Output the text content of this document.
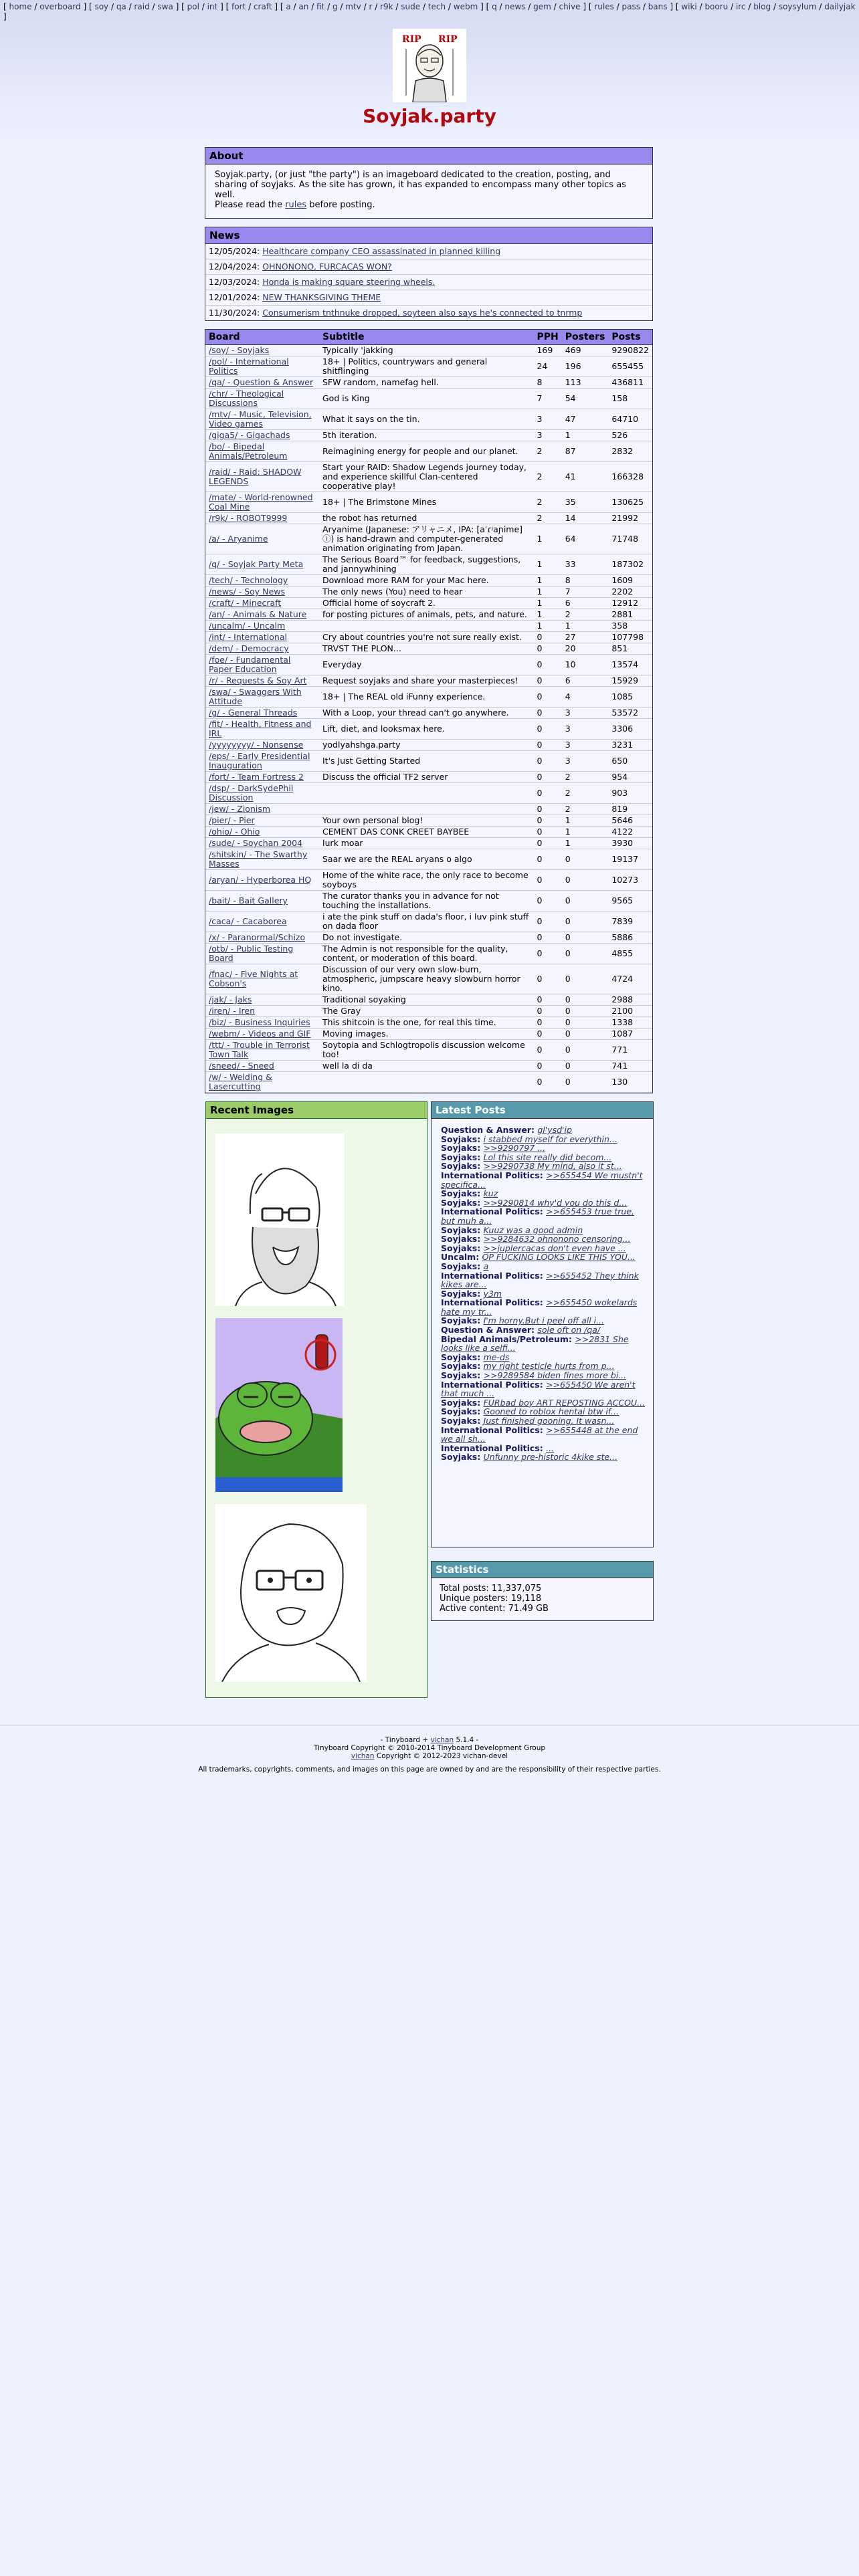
[ home / overboard ] [ soy / qa / raid / swa ] [ pol / int ] [ fort / craft ] [ a / an / fit / g / mtv / r / r9k / sude / tech / webm ] [ q / news / gem / chive ] [ rules / pass / bans ] [ wiki / booru / irc / blog / soysylum / dailyjak ]
RIP RIP
Soyjak.party
About
Soyjak.party, (or just "the party") is an imageboard dedicated to the creation, posting, and sharing of soyjaks. As the site has grown, it has expanded to encompass many other topics as well.
Please read the rules before posting.
News
12/05/2024: Healthcare company CEO assassinated in planned killing
12/04/2024: OHNONONO, FURCACAS WON?
12/03/2024: Honda is making square steering wheels.
12/01/2024: NEW THANKSGIVING THEME
11/30/2024: Consumerism tnthnuke dropped, soyteen also says he's connected to tnrmp
Board	Subtitle	PPH	Posters	Posts
/soy/ - Soyjaks	Typically 'jakking	169	469	9290822
/pol/ - International Politics	18+ | Politics, countrywars and general shitflinging	24	196	655455
/qa/ - Question & Answer	SFW random, namefag hell.	8	113	436811
/chr/ - Theological Discussions	God is King	7	54	158
/mtv/ - Music, Television, Video games	What it says on the tin.	3	47	64710
/giga5/ - Gigachads	5th iteration.	3	1	526
/bo/ - Bipedal Animals/Petroleum	Reimagining energy for people and our planet.	2	87	2832
/raid/ - Raid: SHADOW LEGENDS	Start your RAID: Shadow Legends journey today, and experience skillful Clan-centered cooperative play!	2	41	166328
/mate/ - World-renowned Coal Mine	18+ | The Brimstone Mines	2	35	130625
/r9k/ - ROBOT9999	the robot has returned	2	14	21992
/a/ - Aryanime	Aryanime (Japanese: アリャニメ, IPA: [aˈɾʲaɲime] ⓘ) is hand-drawn and computer-generated animation originating from Japan.	1	64	71748
/q/ - Soyjak Party Meta	The Serious Board™ for feedback, suggestions, and jannywhining	1	33	187302
/tech/ - Technology	Download more RAM for your Mac here.	1	8	1609
/news/ - Soy News	The only news (You) need to hear	1	7	2202
/craft/ - Minecraft	Official home of soycraft 2.	1	6	12912
/an/ - Animals & Nature	for posting pictures of animals, pets, and nature.	1	2	2881
/uncalm/ - Uncalm		1	1	358
/int/ - International	Cry about countries you're not sure really exist.	0	27	107798
/dem/ - Democracy	TRVST THE PLON...	0	20	851
/foe/ - Fundamental Paper Education	Everyday	0	10	13574
/r/ - Requests & Soy Art	Request soyjaks and share your masterpieces!	0	6	15929
/swa/ - Swaggers With Attitude	18+ | The REAL old iFunny experience.	0	4	1085
/g/ - General Threads	With a Loop, your thread can't go anywhere.	0	3	53572
/fit/ - Health, Fitness and IRL	Lift, diet, and looksmax here.	0	3	3306
/yyyyyyyy/ - Nonsense	yodlyahshga.party	0	3	3231
/eps/ - Early Presidential Inauguration	It's Just Getting Started	0	3	650
/fort/ - Team Fortress 2	Discuss the official TF2 server	0	2	954
/dsp/ - DarkSydePhil Discussion		0	2	903
/jew/ - Zionism		0	2	819
/pier/ - Pier	Your own personal blog!	0	1	5646
/ohio/ - Ohio	CEMENT DAS CONK CREET BAYBEE	0	1	4122
/sude/ - Soychan 2004	lurk moar	0	1	3930
/shitskin/ - The Swarthy Masses	Saar we are the REAL aryans o algo	0	0	19137
/aryan/ - Hyperborea HQ	Home of the white race, the only race to become soyboys	0	0	10273
/bait/ - Bait Gallery	The curator thanks you in advance for not touching the installations.	0	0	9565
/caca/ - Cacaborea	i ate the pink stuff on dada's floor, i luv pink stuff on dada floor	0	0	7839
/x/ - Paranormal/Schizo	Do not investigate.	0	0	5886
/otb/ - Public Testing Board	The Admin is not responsible for the quality, content, or moderation of this board.	0	0	4855
/fnac/ - Five Nights at Cobson's	Discussion of our very own slow-burn, atmospheric, jumpscare heavy slowburn horror kino.	0	0	4724
/jak/ - Jaks	Traditional soyaking	0	0	2988
/iren/ - Iren	The Gray	0	0	2100
/biz/ - Business Inquiries	This shitcoin is the one, for real this time.	0	0	1338
/webm/ - Videos and GIF	Moving images.	0	0	1087
/ttt/ - Trouble in Terrorist Town Talk	Soytopia and Schlogtropolis discussion welcome too!	0	0	771
/sneed/ - Sneed	well la di da	0	0	741
/w/ - Welding & Lasercutting		0	0	130
Recent Images	Latest Posts
Question & Answer: gl'ysd'ip
Soyjaks: i stabbed myself for everythin...
Soyjaks: >>9290797 ...
Soyjaks: Lol this site really did becom...
Soyjaks: >>9290738 My mind, also it st...
International Politics: >>655454 We mustn't specifica...
Soyjaks: kuz
Soyjaks: >>9290814 why'd you do this d...
International Politics: >>655453 true true, but muh a...
Soyjaks: Kuuz was a good admin
Soyjaks: >>9284632 ohnonono censoring...
Soyjaks: >>juplercacas don't even have ...
Uncalm: OP FUCKING LOOKS LIKE THIS YOU...
Soyjaks: a
International Politics: >>655452 They think kikes are...
Soyjaks: y3m
International Politics: >>655450 wokelards hate my tr...
Soyjaks: I'm horny.But i peel off all i...
Question & Answer: sole oft on /qa/
Bipedal Animals/Petroleum: >>2831 She looks like a selfi...
Soyjaks: me-ds
Soyjaks: my right testicle hurts from p...
Soyjaks: >>9289584 biden fines more bi...
International Politics: >>655450 We aren't that much ...
Soyjaks: FURbad boy ART REPOSTING ACCOU...
Soyjaks: Gooned to roblox hentai btw if...
Soyjaks: Just finished gooning. It wasn...
International Politics: >>655448 at the end we all sh...
International Politics: ...
Soyjaks: Unfunny pre-historic 4kike ste...
Statistics
Total posts: 11,337,075
Unique posters: 19,118
Active content: 71.49 GB
- Tinyboard + vichan 5.1.4 -
Tinyboard Copyright © 2010-2014 Tinyboard Development Group
vichan Copyright © 2012-2023 vichan-devel
All trademarks, copyrights, comments, and images on this page are owned by and are the responsibility of their respective parties.
